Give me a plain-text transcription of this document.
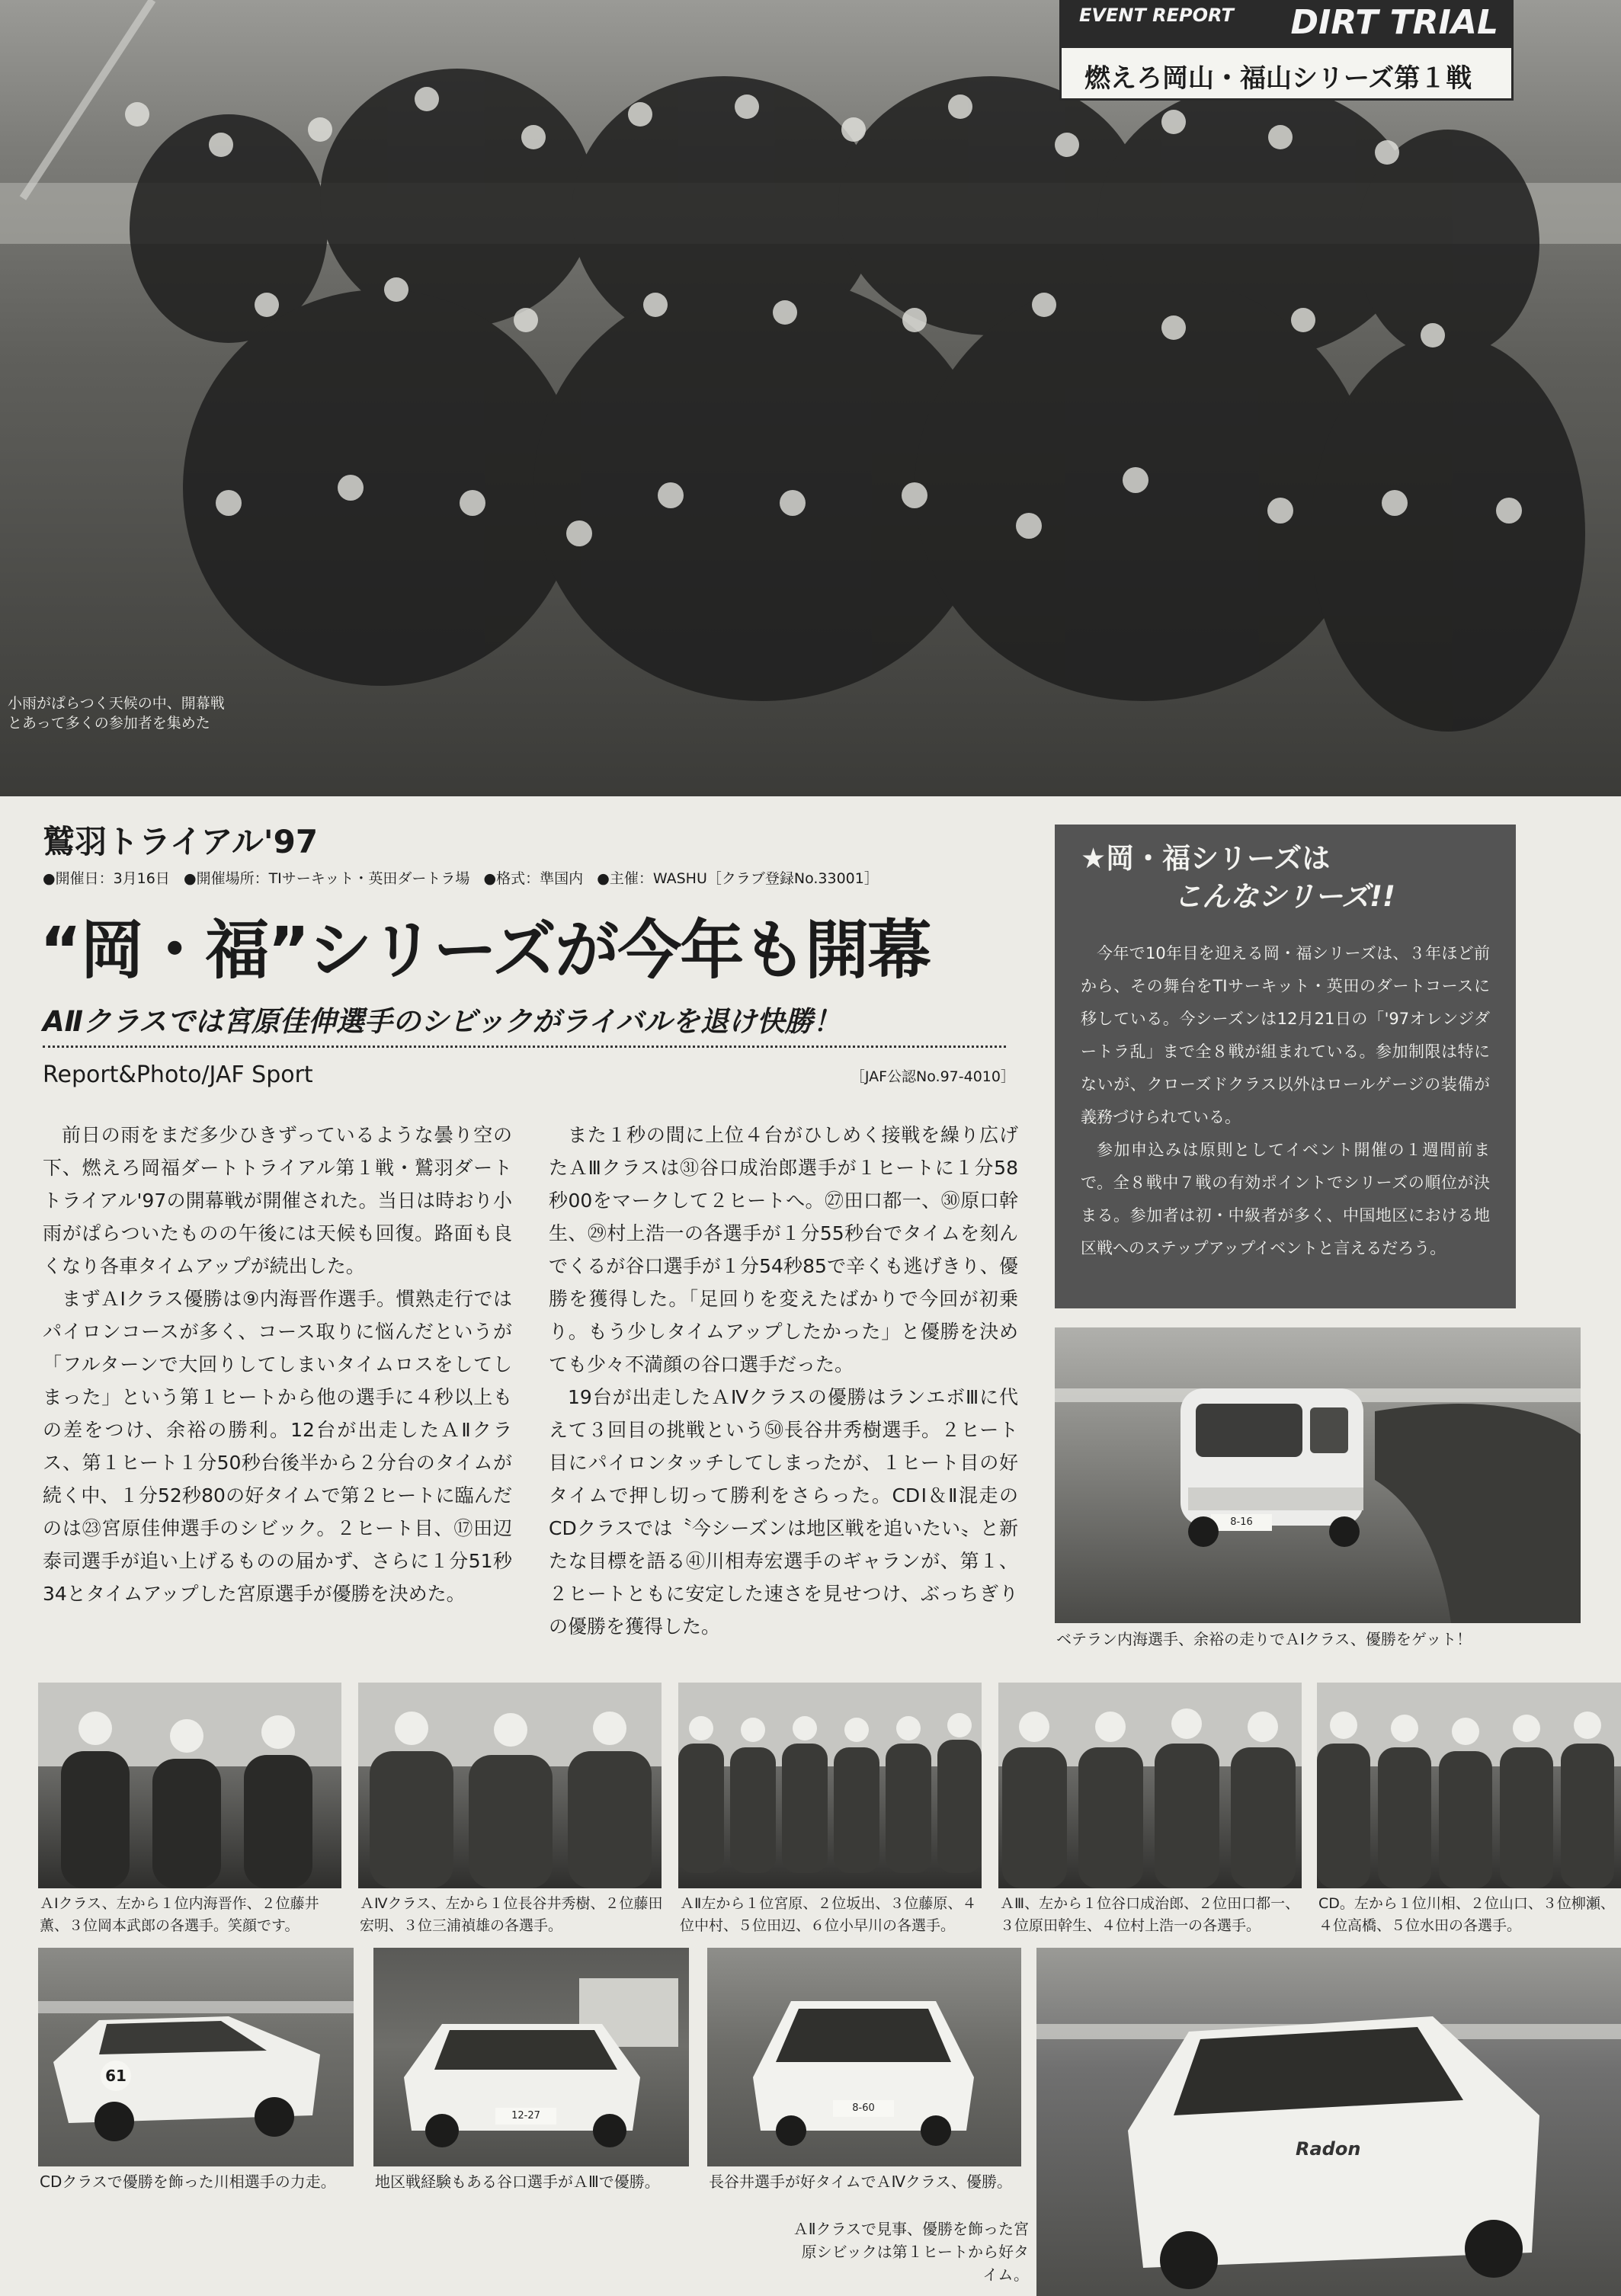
小雨がぱらつく天候の中、開幕戦とあって多くの参加者を集めた
EVENT REPORT DIRT TRIAL
燃えろ岡山・福山シリーズ第１戦
鷲羽トライアル'97
●開催日：3月16日 ●開催場所：TIサーキット・英田ダートラ場 ●格式：準国内 ●主催：WASHU［クラブ登録No.33001］
“岡・福”シリーズが今年も開幕
AⅡクラスでは宮原佳伸選手のシビックがライバルを退け快勝！
Report&Photo/JAF Sport	［JAF公認No.97-4010］

前日の雨をまだ多少ひきずっているような曇り空の下、燃えろ岡福ダートトライアル第１戦・鷲羽ダートトライアル'97の開幕戦が開催された。当日は時おり小雨がぱらついたものの午後には天候も回復。路面も良くなり各車タイムアップが続出した。

まずＡⅠクラス優勝は⑨内海晋作選手。慣熟走行ではパイロンコースが多く、コース取りに悩んだというが「フルターンで大回りしてしまいタイムロスをしてしまった」という第１ヒートから他の選手に４秒以上もの差をつけ、余裕の勝利。12台が出走したＡⅡクラス、第１ヒート１分50秒台後半から２分台のタイムが続く中、１分52秒80の好タイムで第２ヒートに臨んだのは㉓宮原佳伸選手のシビック。２ヒート目、⑰田辺泰司選手が追い上げるものの届かず、さらに１分51秒34とタイムアップした宮原選手が優勝を決めた。

また１秒の間に上位４台がひしめく接戦を繰り広げたＡⅢクラスは㉛谷口成治郎選手が１ヒートに１分58秒00をマークして２ヒートへ。㉗田口都一、㉚原口幹生、㉙村上浩一の各選手が１分55秒台でタイムを刻んでくるが谷口選手が１分54秒85で辛くも逃げきり、優勝を獲得した。「足回りを変えたばかりで今回が初乗り。もう少しタイムアップしたかった」と優勝を決めても少々不満顔の谷口選手だった。

19台が出走したＡⅣクラスの優勝はランエボⅢに代えて３回目の挑戦という㊿長谷井秀樹選手。２ヒート目にパイロンタッチしてしまったが、１ヒート目の好タイムで押し切って勝利をさらった。CDⅠ＆Ⅱ混走のCDクラスでは〝今シーズンは地区戦を追いたい〟と新たな目標を語る㊶川相寿宏選手のギャランが、第１、２ヒートともに安定した速さを見せつけ、ぶっちぎりの優勝を獲得した。

★岡・福シリーズは
こんなシリーズ!!

今年で10年目を迎える岡・福シリーズは、３年ほど前から、その舞台をTIサーキット・英田のダートコースに移している。今シーズンは12月21日の「'97オレンジダートラ乱」まで全８戦が組まれている。参加制限は特にないが、クローズドクラス以外はロールゲージの装備が義務づけられている。

参加申込みは原則としてイベント開催の１週間前まで。全８戦中７戦の有効ポイントでシリーズの順位が決まる。参加者は初・中級者が多く、中国地区における地区戦へのステップアップイベントと言えるだろう。

8-16
ベテラン内海選手、余裕の走りでＡⅠクラス、優勝をゲット！
ＡⅠクラス、左から１位内海晋作、２位藤井薫、３位岡本武郎の各選手。笑顔です。
ＡⅣクラス、左から１位長谷井秀樹、２位藤田宏明、３位三浦禎雄の各選手。
ＡⅡ左から１位宮原、２位坂出、３位藤原、４位中村、５位田辺、６位小早川の各選手。
ＡⅢ、左から１位谷口成治郎、２位田口都一、３位原田幹生、４位村上浩一の各選手。
CD。左から１位川相、２位山口、３位柳瀬、４位高橋、５位水田の各選手。
61
12-27
8-60
Radon
CDクラスで優勝を飾った川相選手の力走。	地区戦経験もある谷口選手がＡⅢで優勝。	長谷井選手が好タイムでＡⅣクラス、優勝。
ＡⅡクラスで見事、優勝を飾った宮原シビックは第１ヒートから好タイム。
